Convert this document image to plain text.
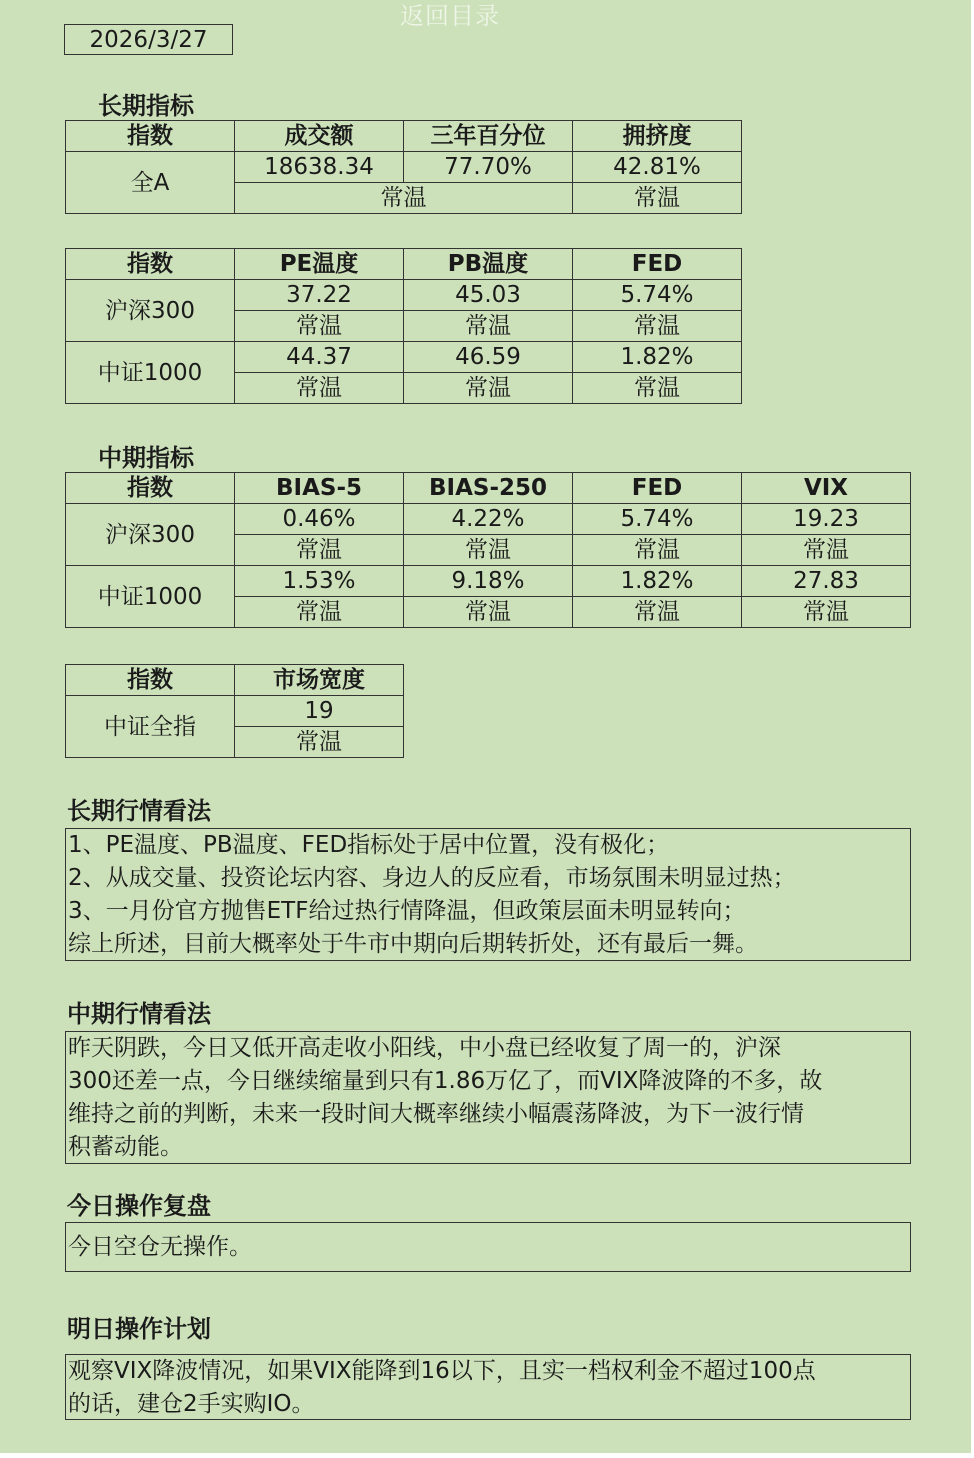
返回目录
2026/3/27
长期指标
指数	成交额	三年百分位	拥挤度
全A	18638.34	77.70%	42.81%
	常温		常温
指数	PE温度	PB温度	FED
沪深300	37.22	45.03	5.74%
	常温	常温	常温
中证1000	44.37	46.59	1.82%
	常温	常温	常温
中期指标
指数	BIAS-5	BIAS-250	FED	VIX
沪深300	0.46%	4.22%	5.74%	19.23
	常温	常温	常温	常温
中证1000	1.53%	9.18%	1.82%	27.83
	常温	常温	常温	常温
指数	市场宽度
中证全指	19
	常温
长期行情看法
1、PE温度、PB温度、FED指标处于居中位置，没有极化；
2、从成交量、投资论坛内容、身边人的反应看，市场氛围未明显过热；
3、一月份官方抛售ETF给过热行情降温，但政策层面未明显转向；
综上所述，目前大概率处于牛市中期向后期转折处，还有最后一舞。
中期行情看法
昨天阴跌，今日又低开高走收小阳线，中小盘已经收复了周一的，沪深
300还差一点，今日继续缩量到只有1.86万亿了，而VIX降波降的不多，故
维持之前的判断，未来一段时间大概率继续小幅震荡降波，为下一波行情
积蓄动能。
今日操作复盘
今日空仓无操作。
明日操作计划
观察VIX降波情况，如果VIX能降到16以下，且实一档权利金不超过100点
的话，建仓2手实购IO。
